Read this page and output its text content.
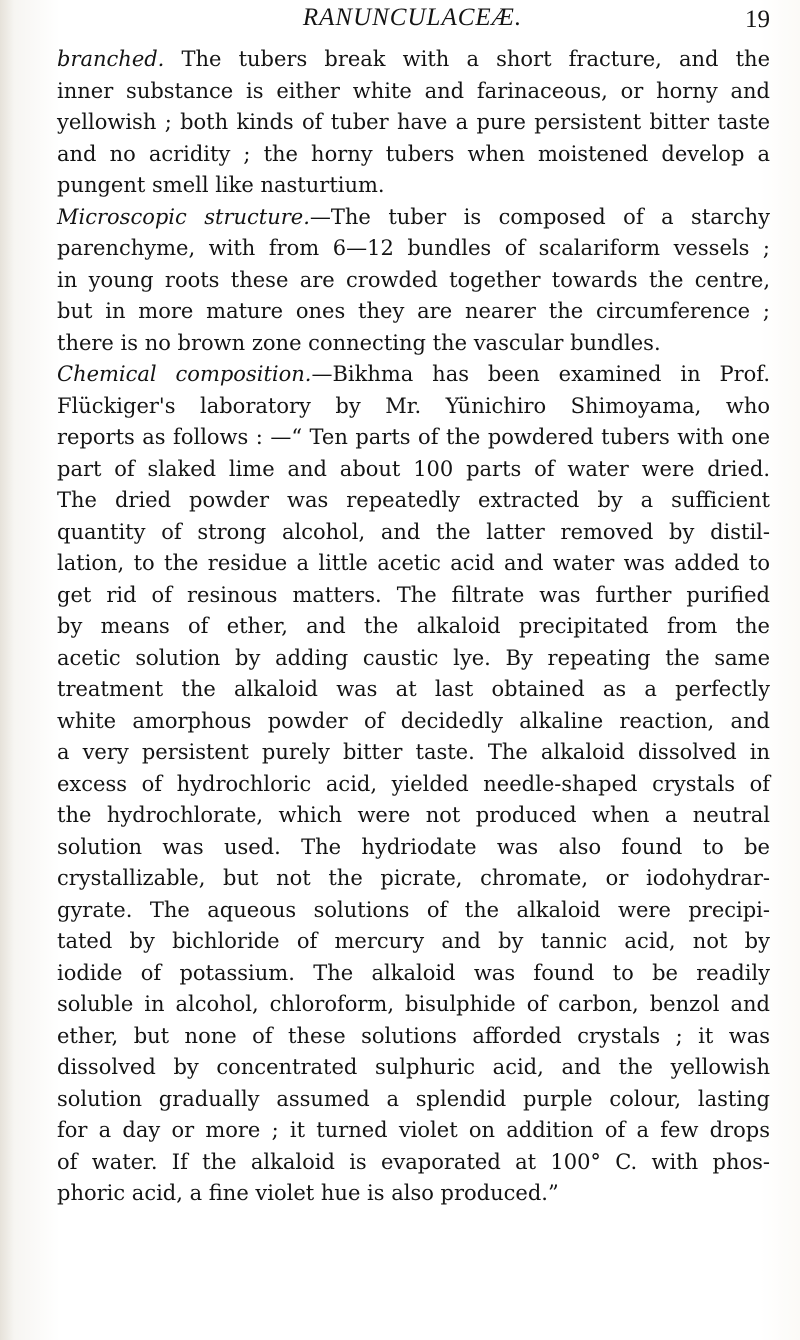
RANUNCULACEÆ.	19
branched. The tubers break with a short fracture, and the
inner substance is either white and farinaceous, or horny and
yellowish ; both kinds of tuber have a pure persistent bitter taste
and no acridity ; the horny tubers when moistened develop a
pungent smell like nasturtium.
Microscopic structure.—The tuber is composed of a starchy
parenchyme, with from 6—12 bundles of scalariform vessels ;
in young roots these are crowded together towards the centre,
but in more mature ones they are nearer the circumference ;
there is no brown zone connecting the vascular bundles.
Chemical composition.—Bikhma has been examined in Prof.
Flückiger's laboratory by Mr. Yünichiro Shimoyama, who
reports as follows : —“ Ten parts of the powdered tubers with one
part of slaked lime and about 100 parts of water were dried.
The dried powder was repeatedly extracted by a sufficient
quantity of strong alcohol, and the latter removed by distil-
lation, to the residue a little acetic acid and water was added to
get rid of resinous matters. The filtrate was further purified
by means of ether, and the alkaloid precipitated from the
acetic solution by adding caustic lye. By repeating the same
treatment the alkaloid was at last obtained as a perfectly
white amorphous powder of decidedly alkaline reaction, and
a very persistent purely bitter taste. The alkaloid dissolved in
excess of hydrochloric acid, yielded needle-shaped crystals of
the hydrochlorate, which were not produced when a neutral
solution was used. The hydriodate was also found to be
crystallizable, but not the picrate, chromate, or iodohydrar-
gyrate. The aqueous solutions of the alkaloid were precipi-
tated by bichloride of mercury and by tannic acid, not by
iodide of potassium. The alkaloid was found to be readily
soluble in alcohol, chloroform, bisulphide of carbon, benzol and
ether, but none of these solutions afforded crystals ; it was
dissolved by concentrated sulphuric acid, and the yellowish
solution gradually assumed a splendid purple colour, lasting
for a day or more ; it turned violet on addition of a few drops
of water. If the alkaloid is evaporated at 100° C. with phos-
phoric acid, a fine violet hue is also produced.”
